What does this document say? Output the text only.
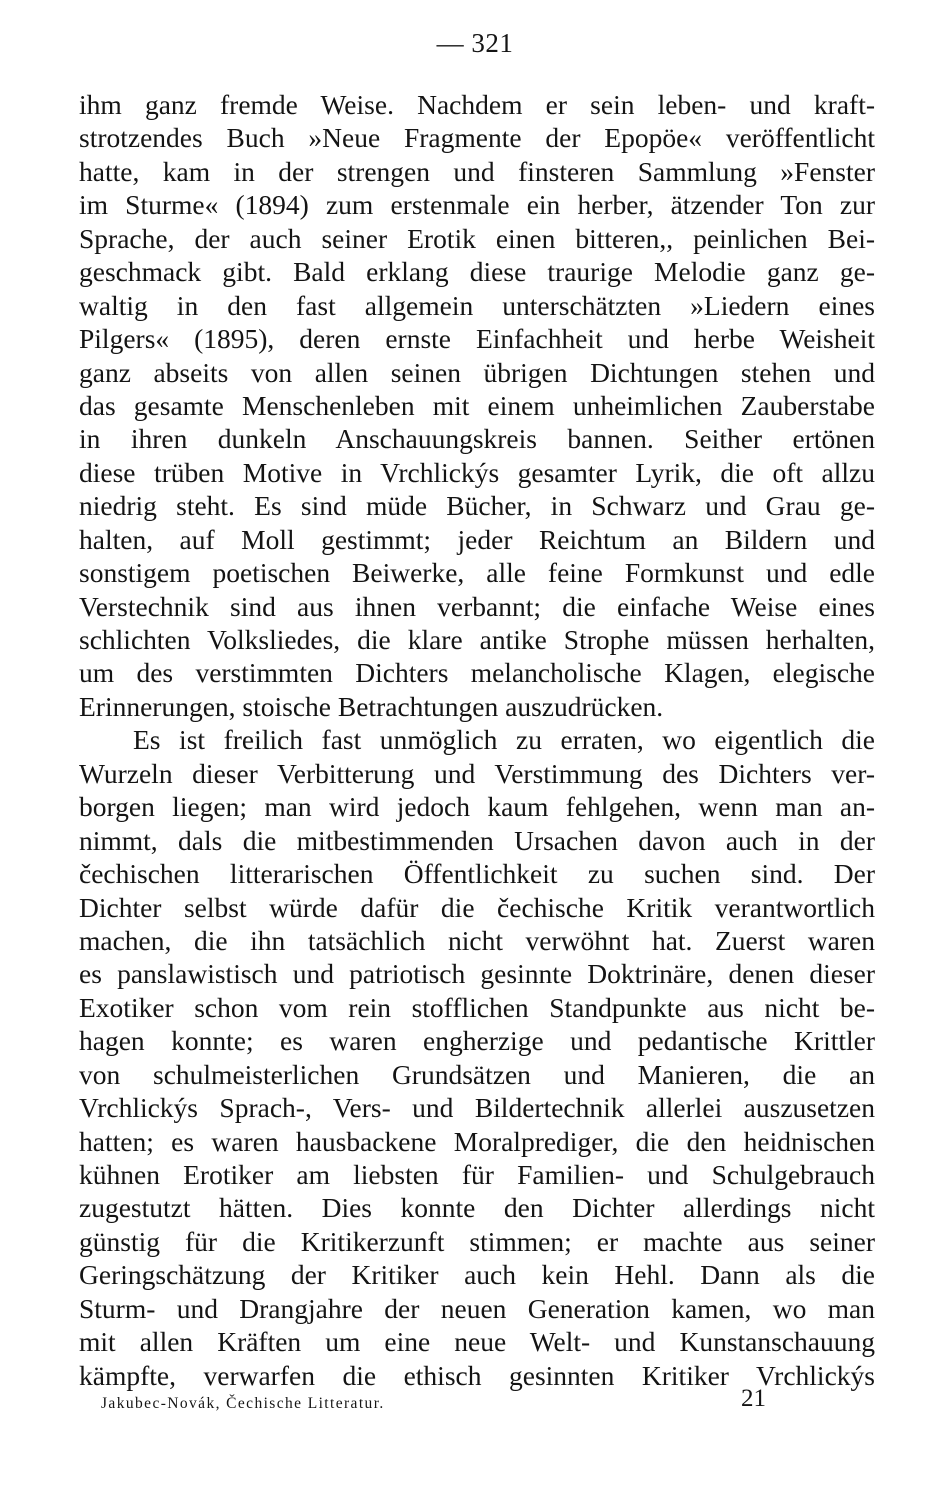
— 321
ihm ganz fremde Weise. Nachdem er sein leben- und kraft-
strotzendes Buch »Neue Fragmente der Epopöe« veröffentlicht
hatte, kam in der strengen und finsteren Sammlung »Fenster
im Sturme« (1894) zum erstenmale ein herber, ätzender Ton zur
Sprache, der auch seiner Erotik einen bitteren,, peinlichen Bei-
geschmack gibt. Bald erklang diese traurige Melodie ganz ge-
waltig in den fast allgemein unterschätzten »Liedern eines
Pilgers« (1895), deren ernste Einfachheit und herbe Weisheit
ganz abseits von allen seinen übrigen Dichtungen stehen und
das gesamte Menschenleben mit einem unheimlichen Zauberstabe
in ihren dunkeln Anschauungskreis bannen. Seither ertönen
diese trüben Motive in Vrchlickýs gesamter Lyrik, die oft allzu
niedrig steht. Es sind müde Bücher, in Schwarz und Grau ge-
halten, auf Moll gestimmt; jeder Reichtum an Bildern und
sonstigem poetischen Beiwerke, alle feine Formkunst und edle
Verstechnik sind aus ihnen verbannt; die einfache Weise eines
schlichten Volksliedes, die klare antike Strophe müssen herhalten,
um des verstimmten Dichters melancholische Klagen, elegische
Erinnerungen, stoische Betrachtungen auszudrücken.
Es ist freilich fast unmöglich zu erraten, wo eigentlich die
Wurzeln dieser Verbitterung und Verstimmung des Dichters ver-
borgen liegen; man wird jedoch kaum fehlgehen, wenn man an-
nimmt, dals die mitbestimmenden Ursachen davon auch in der
čechischen litterarischen Öffentlichkeit zu suchen sind. Der
Dichter selbst würde dafür die čechische Kritik verantwortlich
machen, die ihn tatsächlich nicht verwöhnt hat. Zuerst waren
es panslawistisch und patriotisch gesinnte Doktrinäre, denen dieser
Exotiker schon vom rein stofflichen Standpunkte aus nicht be-
hagen konnte; es waren engherzige und pedantische Krittler
von schulmeisterlichen Grundsätzen und Manieren, die an
Vrchlickýs Sprach-, Vers- und Bildertechnik allerlei auszusetzen
hatten; es waren hausbackene Moralprediger, die den heidnischen
kühnen Erotiker am liebsten für Familien- und Schulgebrauch
zugestutzt hätten. Dies konnte den Dichter allerdings nicht
günstig für die Kritikerzunft stimmen; er machte aus seiner
Geringschätzung der Kritiker auch kein Hehl. Dann als die
Sturm- und Drangjahre der neuen Generation kamen, wo man
mit allen Kräften um eine neue Welt- und Kunstanschauung
kämpfte, verwarfen die ethisch gesinnten Kritiker Vrchlickýs
Jakubec-Novák, Čechische Litteratur.	21
